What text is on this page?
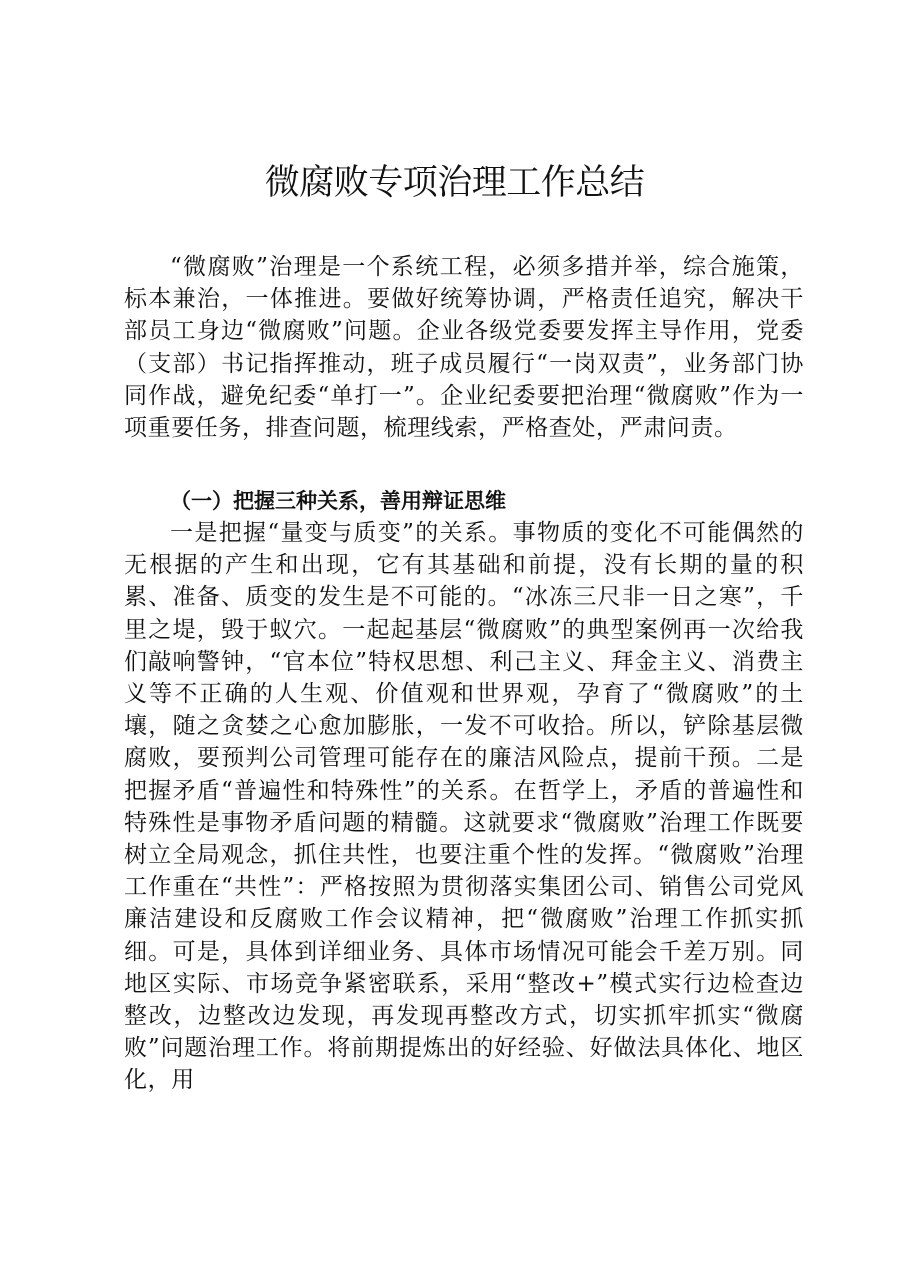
微腐败专项治理工作总结

“微腐败”治理是一个系统工程，必须多措并举，综合施策，标本兼治，一体推进。要做好统筹协调，严格责任追究，解决干部员工身边“微腐败”问题。企业各级党委要发挥主导作用，党委（支部）书记指挥推动，班子成员履行“一岗双责”，业务部门协同作战，避免纪委“单打一”。企业纪委要把治理“微腐败”作为一项重要任务，排查问题，梳理线索，严格查处，严肃问责。

（一）把握三种关系，善用辩证思维

一是把握“量变与质变”的关系。事物质的变化不可能偶然的无根据的产生和出现，它有其基础和前提，没有长期的量的积累、准备、质变的发生是不可能的。“冰冻三尺非一日之寒”，千里之堤，毁于蚁穴。一起起基层“微腐败”的典型案例再一次给我们敲响警钟，“官本位”特权思想、利己主义、拜金主义、消费主义等不正确的人生观、价值观和世界观，孕育了“微腐败”的土壤，随之贪婪之心愈加膨胀，一发不可收拾。所以，铲除基层微腐败，要预判公司管理可能存在的廉洁风险点，提前干预。二是把握矛盾“普遍性和特殊性”的关系。在哲学上，矛盾的普遍性和特殊性是事物矛盾问题的精髓。这就要求“微腐败”治理工作既要树立全局观念，抓住共性，也要注重个性的发挥。“微腐败”治理工作重在“共性”：严格按照为贯彻落实集团公司、销售公司党风廉洁建设和反腐败工作会议精神，把“微腐败”治理工作抓实抓细。可是，具体到详细业务、具体市场情况可能会千差万别。同地区实际、市场竞争紧密联系，采用“整改+”模式实行边检查边整改，边整改边发现，再发现再整改方式，切实抓牢抓实“微腐败”问题治理工作。将前期提炼出的好经验、好做法具体化、地区化，用
